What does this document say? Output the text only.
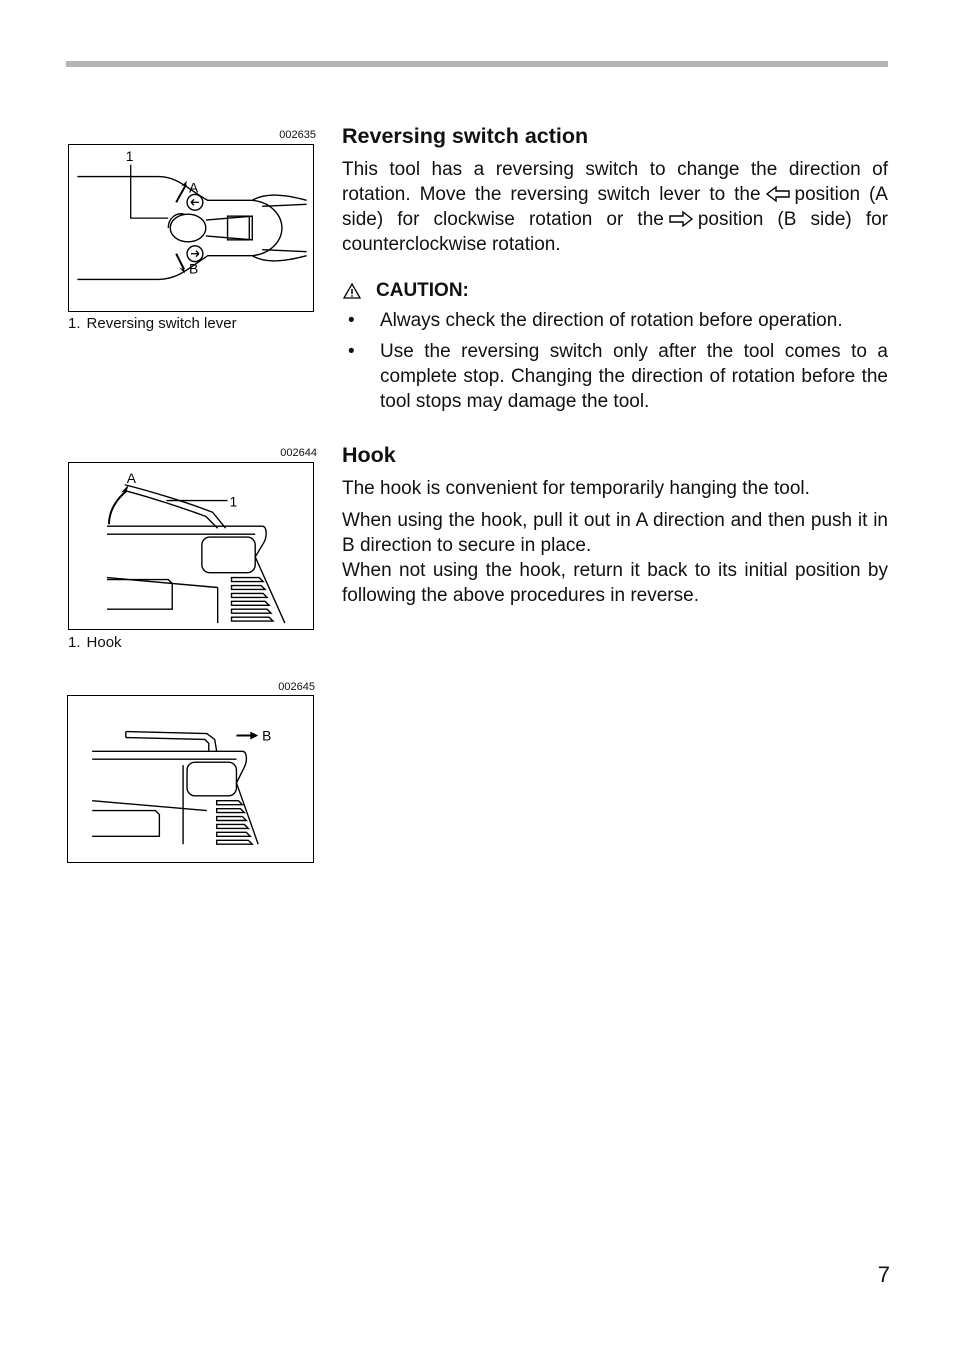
002635
1
A
B
1. Reversing switch lever
002644
A
1
1. Hook
002645
B
Reversing switch action

This tool has a reversing switch to change the direction of rotation. Move the reversing switch lever to the position (A side) for clockwise rotation or the position (B side) for counterclockwise rotation.

CAUTION:
• Always check the direction of rotation before operation.
• Use the reversing switch only after the tool comes to a complete stop. Changing the direction of rotation before the tool stops may damage the tool.
Hook

The hook is convenient for temporarily hanging the tool.

When using the hook, pull it out in A direction and then push it in B direction to secure in place.

When not using the hook, return it back to its initial position by following the above procedures in reverse.

7
